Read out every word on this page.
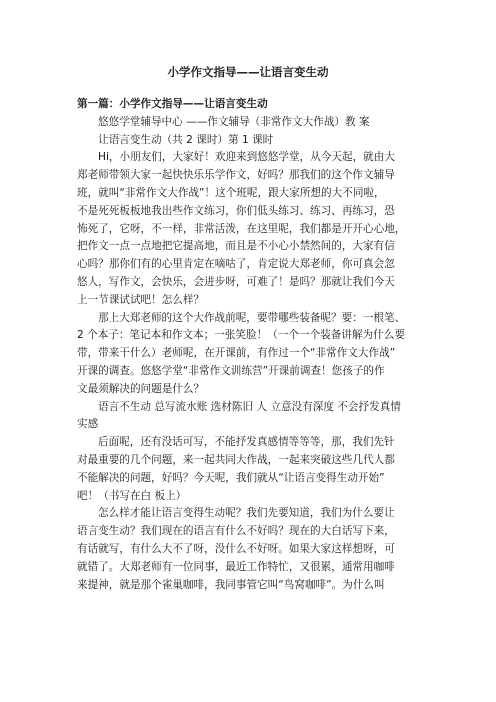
小学作文指导——让语言变生动
第一篇：小学作文指导——让语言变生动
悠悠学堂辅导中心 ——作文辅导（非常作文大作战）教 案
让语言变生动（共 2 课时）第 1 课时
Hi，小朋友们，大家好！欢迎来到悠悠学堂，从今天起，就由大
郑老师带领大家一起快快乐乐学作文，好吗？那我们的这个作文辅导
班，就叫“非常作文大作战”！这个班呢，跟大家所想的大不同啦，
不是死死板板地我出些作文练习，你们低头练习、练习、再练习，恐
怖死了，它呀，不一样，非常活泼，在这里呢，我们都是开开心心地，
把作文一点一点地把它提高地，而且是不小心小禁然间的，大家有信
心吗？那你们有的心里肯定在嘀咕了，肯定说大郑老师，你可真会忽
悠人，写作文，会快乐，会进步呀，可难了！是吗？那就让我们今天
上一节课试试吧！怎么样？
那上大郑老师的这个大作战前呢，要带哪些装备呢？要：一根笔、
2 个本子：笔记本和作文本；一张笑脸！（一个一个装备讲解为什么要
带，带来干什么）老师呢，在开课前，有作过一个“非常作文大作战”
开课的调查。悠悠学堂“非常作文训练营”开课前调查！您孩子的作
文最须解决的问题是什么？
语言不生动 总写流水账 选材陈旧 人 立意没有深度 不会抒发真情
实感
后面呢，还有没话可写，不能抒发真感情等等等，那，我们先针
对最重要的几个问题，来一起共同大作战，一起来突破这些几代人都
不能解决的问题，好吗？今天呢，我们就从“让语言变得生动开始”
吧！（书写在白 板上）
怎么样才能让语言变得生动呢？我们先要知道，我们为什么要让
语言变生动？我们现在的语言有什么不好吗？现在的大白话写下来，
有话就写，有什么大不了呀，没什么不好呀。如果大家这样想呀，可
就错了。大郑老师有一位同事，最近工作特忙，又很累，通常用咖啡
来提神，就是那个雀巢咖啡，我同事管它叫“鸟窝咖啡”。为什么叫
